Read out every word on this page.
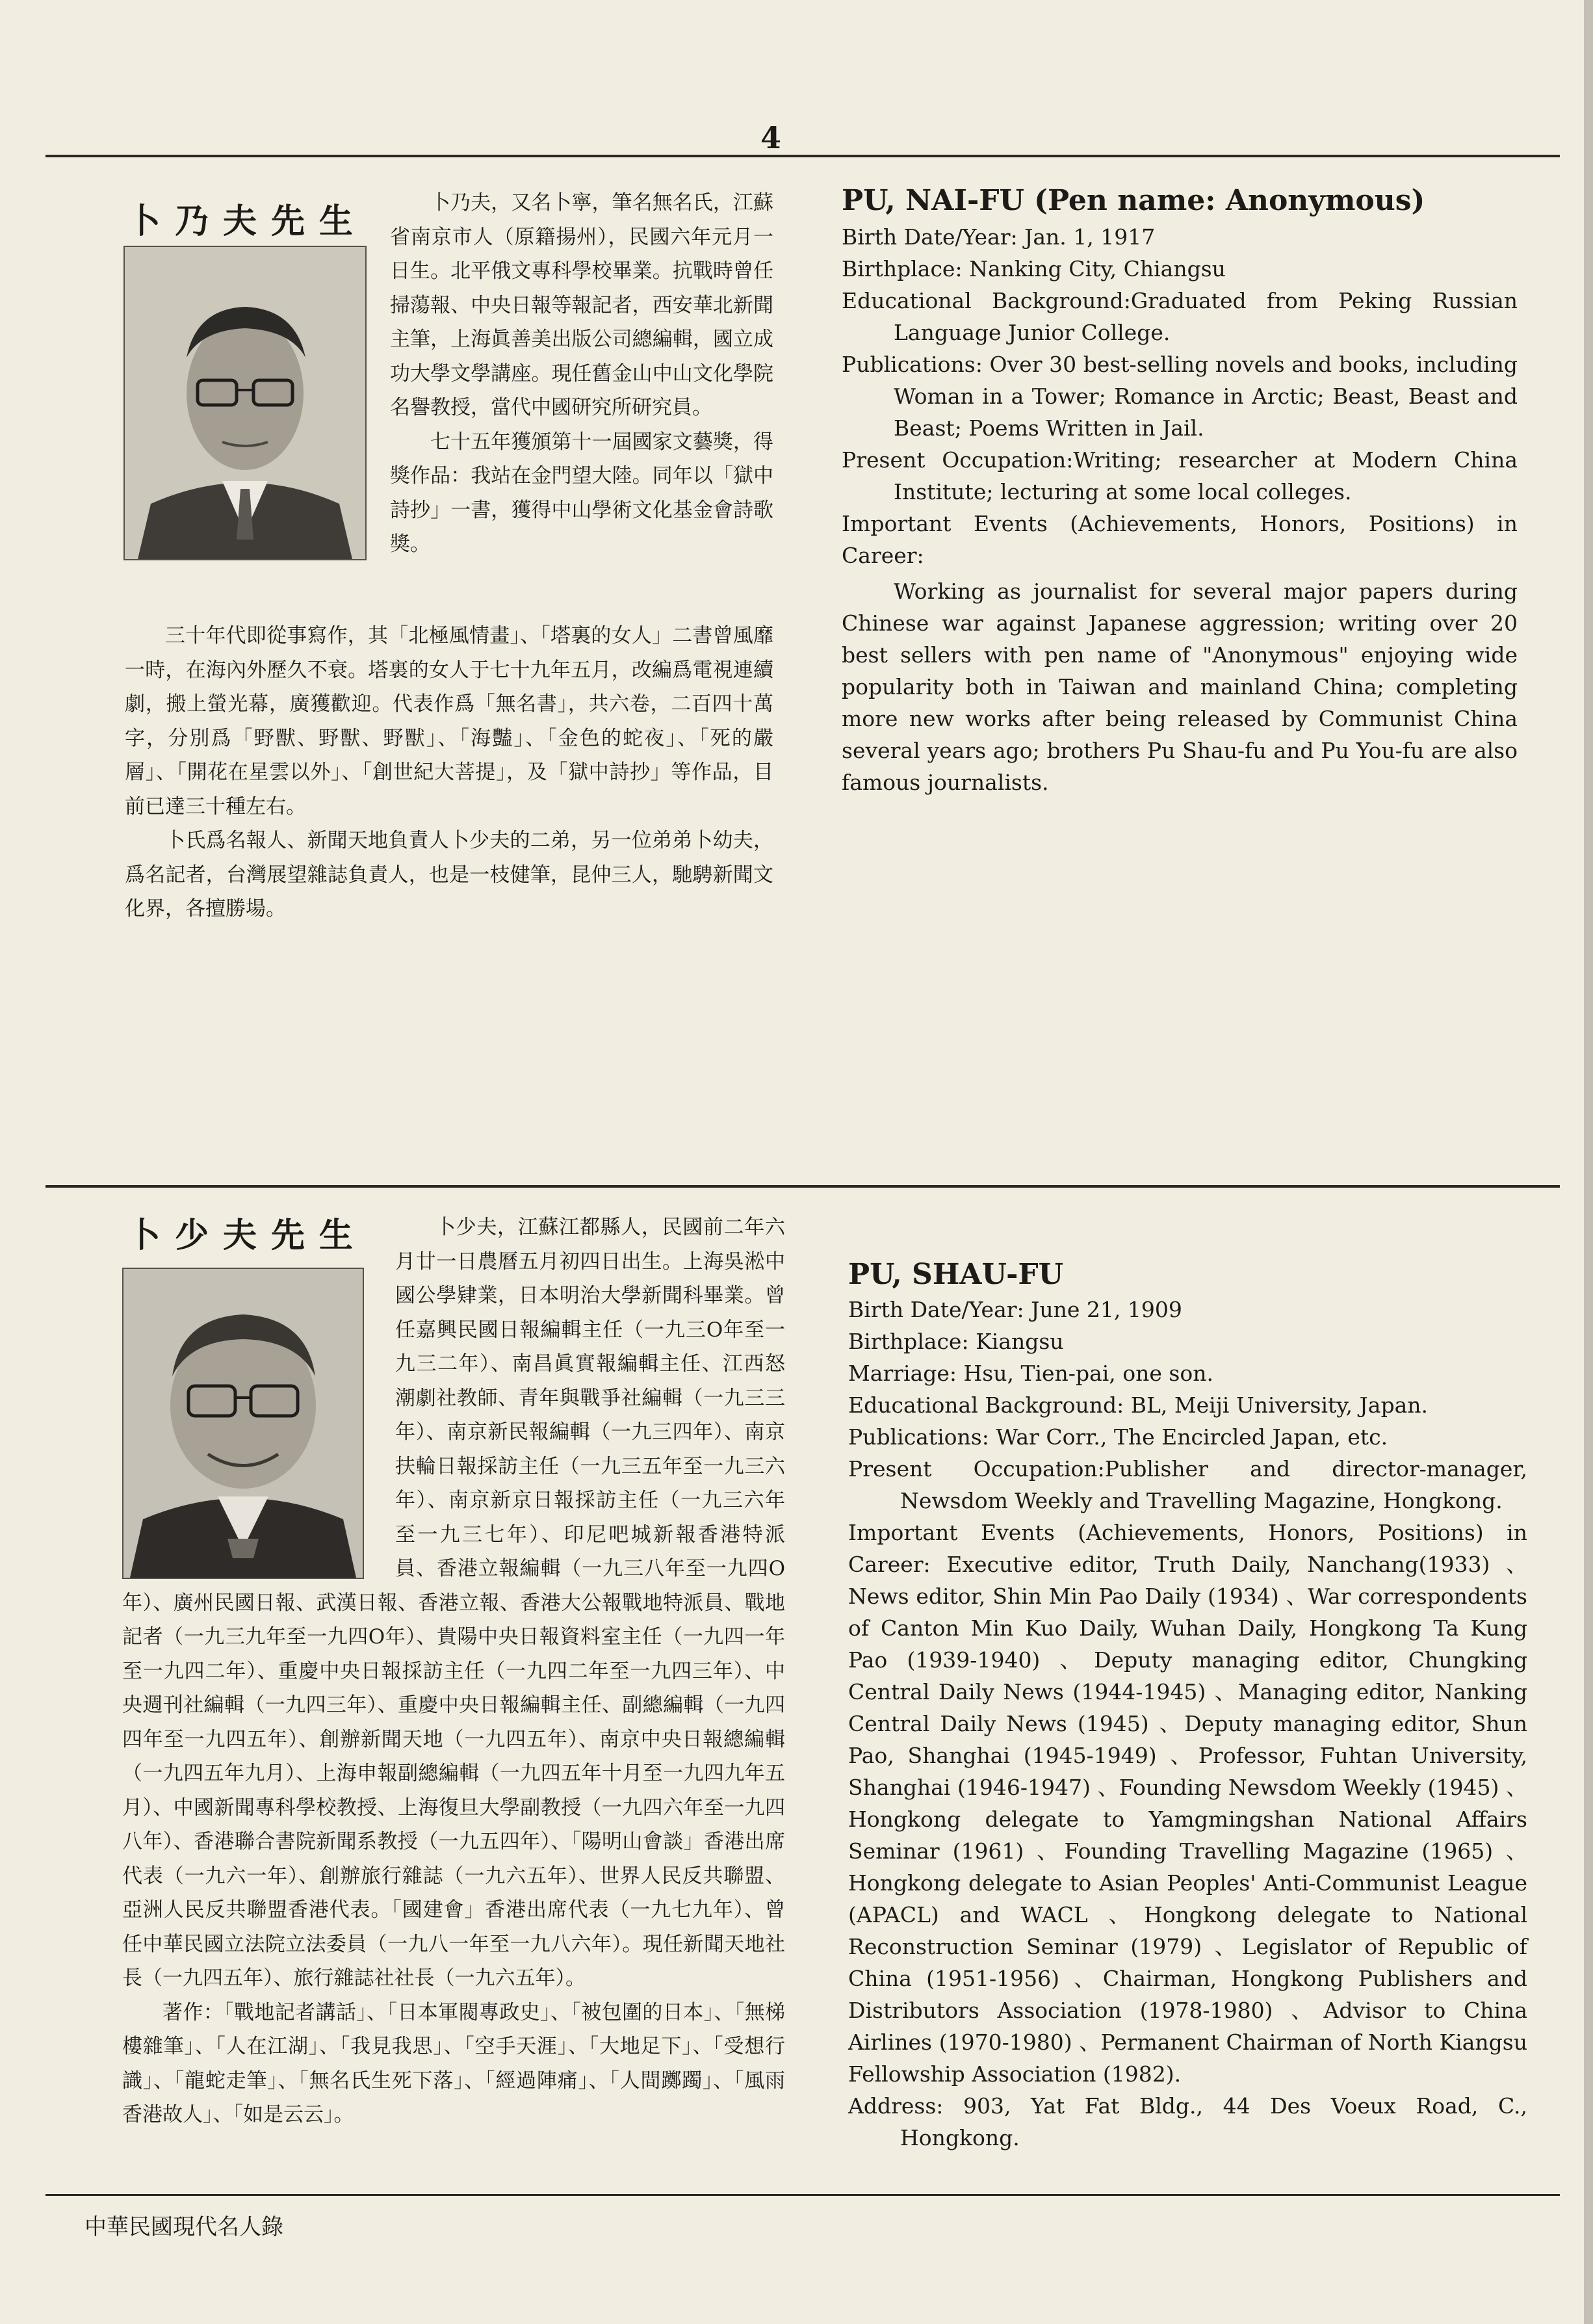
4
卜乃夫先生	卜乃夫，又名卜寧，筆名無名氏，江蘇省南京市人（原籍揚州），民國六年元月一日生。北平俄文專科學校畢業。抗戰時曾任掃蕩報、中央日報等報記者，西安華北新聞主筆，上海眞善美出版公司總編輯，國立成功大學文學講座。現任舊金山中山文化學院名譽教授，當代中國研究所研究員。

七十五年獲頒第十一屆國家文藝獎，得獎作品：我站在金門望大陸。同年以「獄中詩抄」一書，獲得中山學術文化基金會詩歌獎。

三十年代即從事寫作，其「北極風情畫」、「塔裏的女人」二書曾風靡一時，在海內外歷久不衰。塔裏的女人于七十九年五月，改編爲電視連續劇，搬上螢光幕，廣獲歡迎。代表作爲「無名書」，共六卷，二百四十萬字，分別爲「野獸、野獸、野獸」、「海豔」、「金色的蛇夜」、「死的嚴層」、「開花在星雲以外」、「創世紀大菩提」，及「獄中詩抄」等作品，目前已達三十種左右。

卜氏爲名報人、新聞天地負責人卜少夫的二弟，另一位弟弟卜幼夫，爲名記者，台灣展望雜誌負責人，也是一枝健筆，昆仲三人，馳騁新聞文化界，各擅勝場。

PU, NAI-FU (Pen name: Anonymous)

Birth Date/Year: Jan. 1, 1917

Birthplace: Nanking City, Chiangsu

Educational Background:Graduated from Peking Russian Language Junior College.

Publications: Over 30 best-selling novels and books, including Woman in a Tower; Romance in Arctic; Beast, Beast and Beast; Poems Written in Jail.

Present Occupation:Writing; researcher at Modern China Institute; lecturing at some local colleges.

Important Events (Achievements, Honors, Positions) in Career:

Working as journalist for several major papers during Chinese war against Japanese aggression; writing over 20 best sellers with pen name of "Anonymous" enjoying wide popularity both in Taiwan and mainland China; completing more new works after being released by Communist China several years ago; brothers Pu Shau-fu and Pu You-fu are also famous journalists.

卜少夫先生	卜少夫，江蘇江都縣人，民國前二年六月廿一日農曆五月初四日出生。上海吳淞中國公學肄業，日本明治大學新聞科畢業。曾任嘉興民國日報編輯主任（一九三O年至一九三二年）、南昌眞實報編輯主任、江西怒潮劇社教師、青年與戰爭社編輯（一九三三年）、南京新民報編輯（一九三四年）、南京扶輪日報採訪主任（一九三五年至一九三六年）、南京新京日報採訪主任（一九三六年至一九三七年）、印尼吧城新報香港特派員、香港立報編輯（一九三八年至一九四O年）、廣州民國日報、武漢日報、香港立報、香港大公報戰地特派員、戰地記者（一九三九年至一九四O年）、貴陽中央日報資料室主任（一九四一年至一九四二年）、重慶中央日報採訪主任（一九四二年至一九四三年）、中央週刊社編輯（一九四三年）、重慶中央日報編輯主任、副總編輯（一九四四年至一九四五年）、創辦新聞天地（一九四五年）、南京中央日報總編輯（一九四五年九月）、上海申報副總編輯（一九四五年十月至一九四九年五月）、中國新聞專科學校教授、上海復旦大學副教授（一九四六年至一九四八年）、香港聯合書院新聞系教授（一九五四年）、「陽明山會談」香港出席代表（一九六一年）、創辦旅行雜誌（一九六五年）、世界人民反共聯盟、亞洲人民反共聯盟香港代表。「國建會」香港出席代表（一九七九年）、曾任中華民國立法院立法委員（一九八一年至一九八六年）。現任新聞天地社長（一九四五年）、旅行雜誌社社長（一九六五年）。

著作：「戰地記者講話」、「日本軍閥專政史」、「被包圍的日本」、「無梯樓雜筆」、「人在江湖」、「我見我思」、「空手天涯」、「大地足下」、「受想行識」、「龍蛇走筆」、「無名氏生死下落」、「經過陣痛」、「人間躑躅」、「風雨香港故人」、「如是云云」。

PU, SHAU-FU

Birth Date/Year: June 21, 1909

Birthplace: Kiangsu

Marriage: Hsu, Tien-pai, one son.

Educational Background: BL, Meiji University, Japan.

Publications: War Corr., The Encircled Japan, etc.

Present Occupation:Publisher and director-manager, Newsdom Weekly and Travelling Magazine, Hongkong.

Important Events (Achievements, Honors, Positions) in Career: Executive editor, Truth Daily, Nanchang(1933) 、News editor, Shin Min Pao Daily (1934) 、War correspondents of Canton Min Kuo Daily, Wuhan Daily, Hongkong Ta Kung Pao (1939-1940) 、Deputy managing editor, Chungking Central Daily News (1944-1945) 、Managing editor, Nanking Central Daily News (1945) 、Deputy managing editor, Shun Pao, Shanghai (1945-1949) 、Professor, Fuhtan University, Shanghai (1946-1947) 、Founding Newsdom Weekly (1945) 、Hongkong delegate to Yamgmingshan National Affairs Seminar (1961) 、Founding Travelling Magazine (1965) 、Hongkong delegate to Asian Peoples' Anti-Communist League (APACL) and WACL 、Hongkong delegate to National Reconstruction Seminar (1979) 、Legislator of Republic of China (1951-1956) 、Chairman, Hongkong Publishers and Distributors Association (1978-1980) 、Advisor to China Airlines (1970-1980) 、Permanent Chairman of North Kiangsu Fellowship Association (1982).

Address: 903, Yat Fat Bldg., 44 Des Voeux Road, C., Hongkong.

中華民國現代名人錄
